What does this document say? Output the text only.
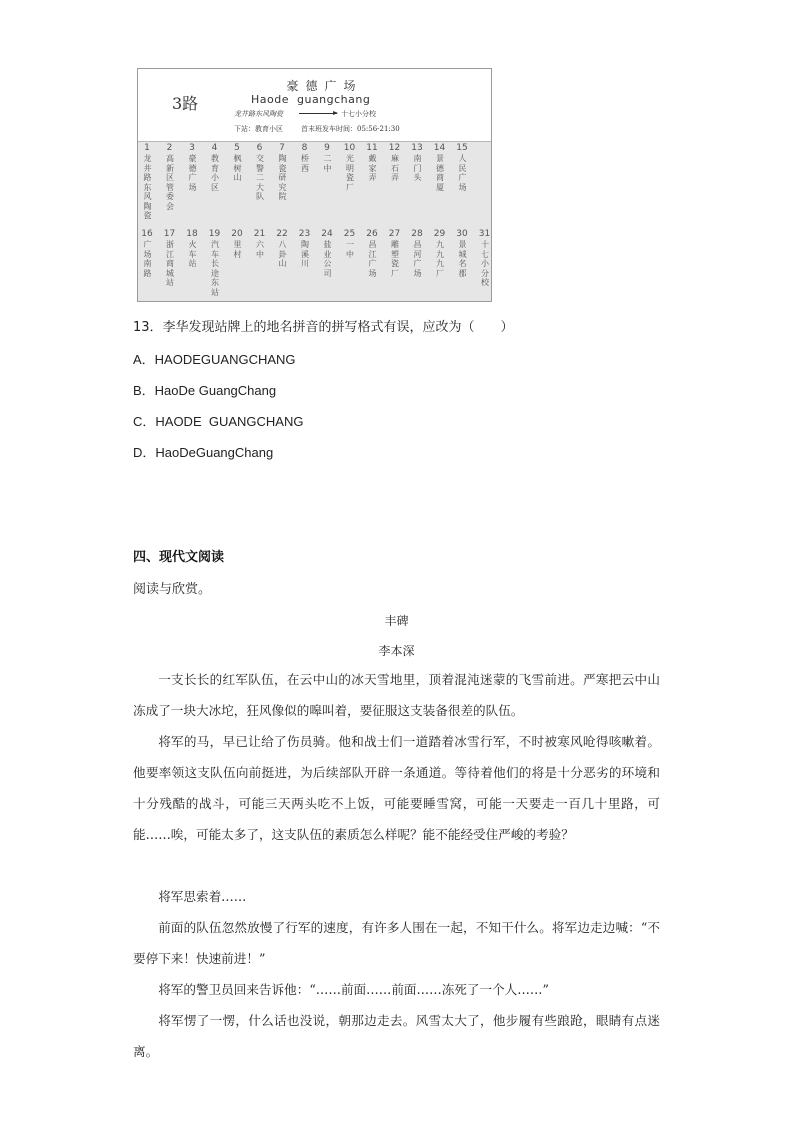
3路
豪德广场
Haode guangchang
龙井路东风陶瓷	十七小分校
下站：教育小区	首末班发车时间：05:56-21:30
1
龙井路东风陶瓷
2
高新区管委会
3
豪德广场
4
教育小区
5
枫树山
6
交警二大队
7
陶瓷研究院
8
桥西
9
二中
10
光明瓷厂
11
戴家弄
12
麻石弄
13
南门头
14
景德商厦
15
人民广场
16
广场南路
17
浙江商城站
18
火车站
19
汽车长途东站
20
里村
21
六中
22
八卦山
23
陶溪川
24
盐业公司
25
一中
26
昌江广场
27
雕塑瓷厂
28
昌河广场
29
九九九厂
30
景城名郡
31
十七小分校
13．李华发现站牌上的地名拼音的拼写格式有误，应改为（　　）
A．HAODEGUANGCHANG
B．HaoDe GuangChang
C．HAODE  GUANGCHANG
D．HaoDeGuangChang
四、现代文阅读
阅读与欣赏。
丰碑
李本深

一支长长的红军队伍，在云中山的冰天雪地里，顶着混沌迷蒙的飞雪前进。严寒把云中山冻成了一块大冰坨，狂风像似的嗥叫着，要征服这支装备很差的队伍。

将军的马，早已让给了伤员骑。他和战士们一道踏着冰雪行军，不时被寒风呛得咳嗽着。他要率领这支队伍向前挺进，为后续部队开辟一条通道。等待着他们的将是十分恶劣的环境和十分残酷的战斗，可能三天两头吃不上饭，可能要睡雪窝，可能一天要走一百几十里路，可能……唉，可能太多了，这支队伍的素质怎么样呢？能不能经受住严峻的考验？

将军思索着……

前面的队伍忽然放慢了行军的速度，有许多人围在一起，不知干什么。将军边走边喊：“不要停下来！快速前进！”

将军的警卫员回来告诉他：“……前面……前面……冻死了一个人……”

将军愣了一愣，什么话也没说，朝那边走去。风雪太大了，他步履有些踉跄，眼睛有点迷离。
